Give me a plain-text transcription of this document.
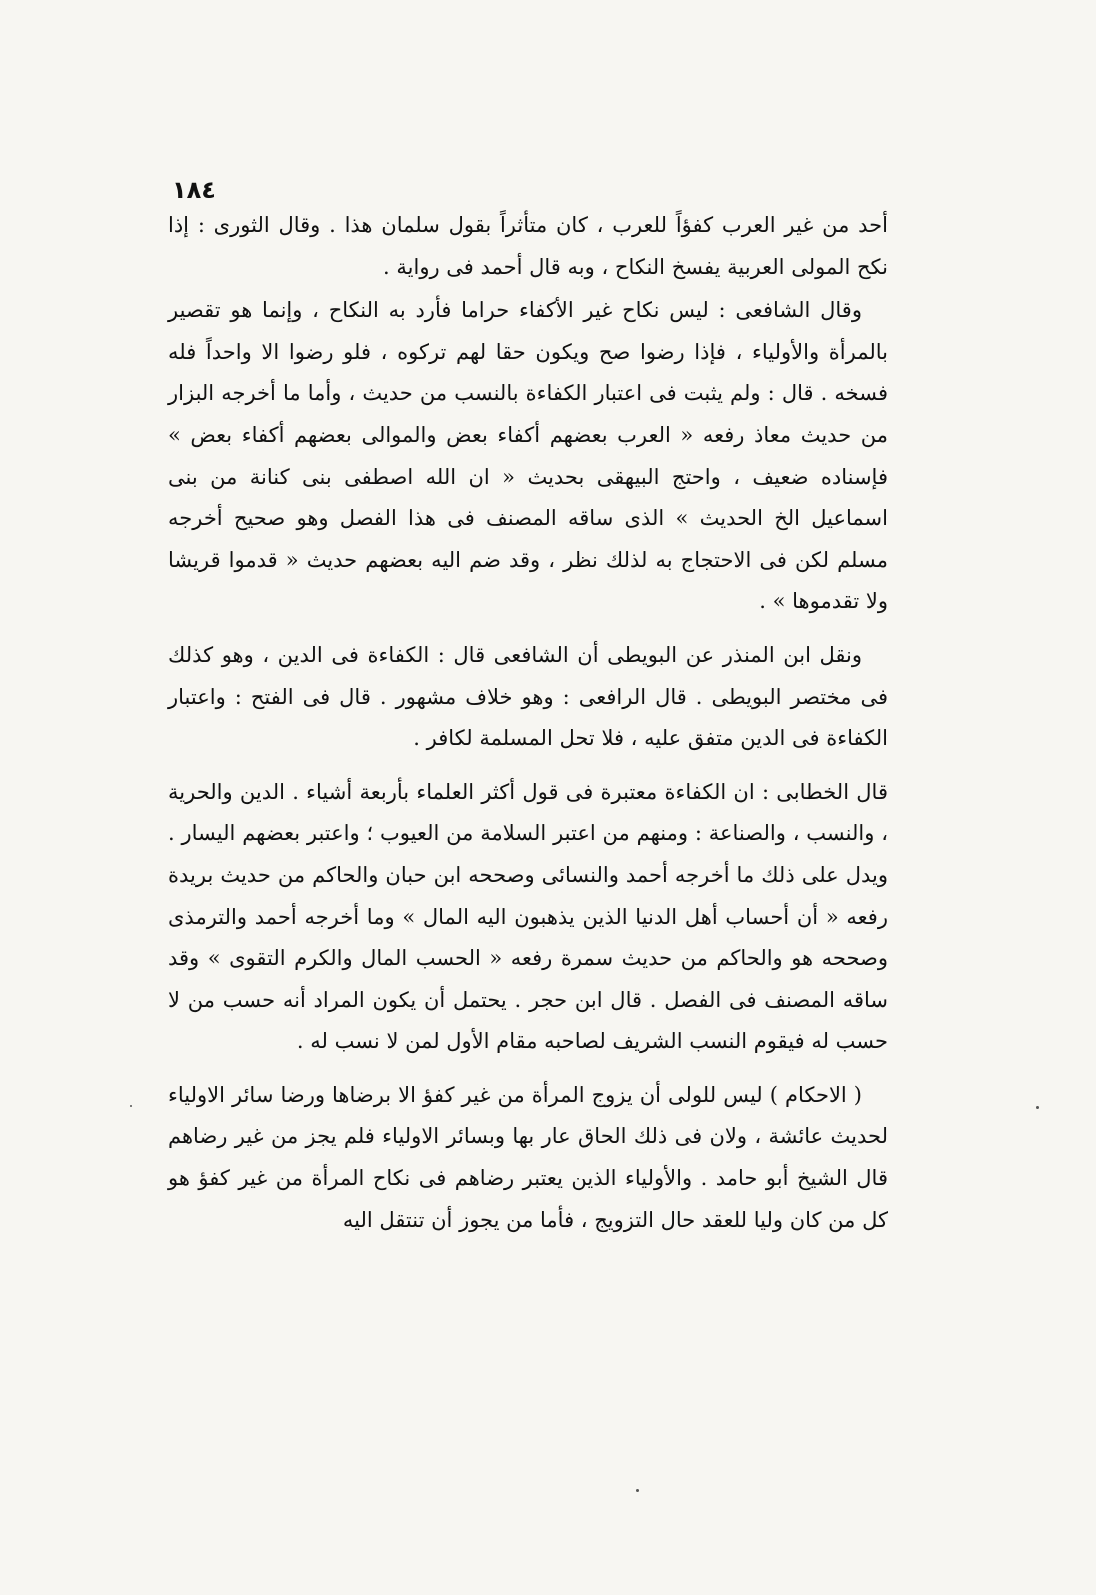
١٨٤

أحد من غير العرب كفؤاً للعرب ، كان متأثراً بقول سلمان هذا . وقال الثورى : إذا نكح المولى العربية يفسخ النكاح ، وبه قال أحمد فى رواية .

وقال الشافعى : ليس نكاح غير الأكفاء حراما فأرد به النكاح ، وإنما هو تقصير بالمرأة والأولياء ، فإذا رضوا صح ويكون حقا لهم تركوه ، فلو رضوا الا واحداً فله فسخه . قال : ولم يثبت فى اعتبار الكفاءة بالنسب من حديث ، وأما ما أخرجه البزار من حديث معاذ رفعه « العرب بعضهم أكفاء بعض والموالى بعضهم أكفاء بعض » فإسناده ضعيف ، واحتج البيهقى بحديث « ان الله اصطفى بنى كنانة من بنى اسماعيل الخ الحديث » الذى ساقه المصنف فى هذا الفصل وهو صحيح أخرجه مسلم لكن فى الاحتجاج به لذلك نظر ، وقد ضم اليه بعضهم حديث « قدموا قريشا ولا تقدموها » .

ونقل ابن المنذر عن البويطى أن الشافعى قال : الكفاءة فى الدين ، وهو كذلك فى مختصر البويطى . قال الرافعى : وهو خلاف مشهور . قال فى الفتح : واعتبار الكفاءة فى الدين متفق عليه ، فلا تحل المسلمة لكافر .

قال الخطابى : ان الكفاءة معتبرة فى قول أكثر العلماء بأربعة أشياء . الدين والحرية ، والنسب ، والصناعة : ومنهم من اعتبر السلامة من العيوب ؛ واعتبر بعضهم اليسار . ويدل على ذلك ما أخرجه أحمد والنسائى وصححه ابن حبان والحاكم من حديث بريدة رفعه « أن أحساب أهل الدنيا الذين يذهبون اليه المال » وما أخرجه أحمد والترمذى وصححه هو والحاكم من حديث سمرة رفعه « الحسب المال والكرم التقوى » وقد ساقه المصنف فى الفصل . قال ابن حجر . يحتمل أن يكون المراد أنه حسب من لا حسب له فيقوم النسب الشريف لصاحبه مقام الأول لمن لا نسب له .

( الاحكام ) ليس للولى أن يزوج المرأة من غير كفؤ الا برضاها ورضا سائر الاولياء لحديث عائشة ، ولان فى ذلك الحاق عار بها وبسائر الاولياء فلم يجز من غير رضاهم قال الشيخ أبو حامد . والأولياء الذين يعتبر رضاهم فى نكاح المرأة من غير كفؤ هو كل من كان وليا للعقد حال التزويج ، فأما من يجوز أن تنتقل اليه
